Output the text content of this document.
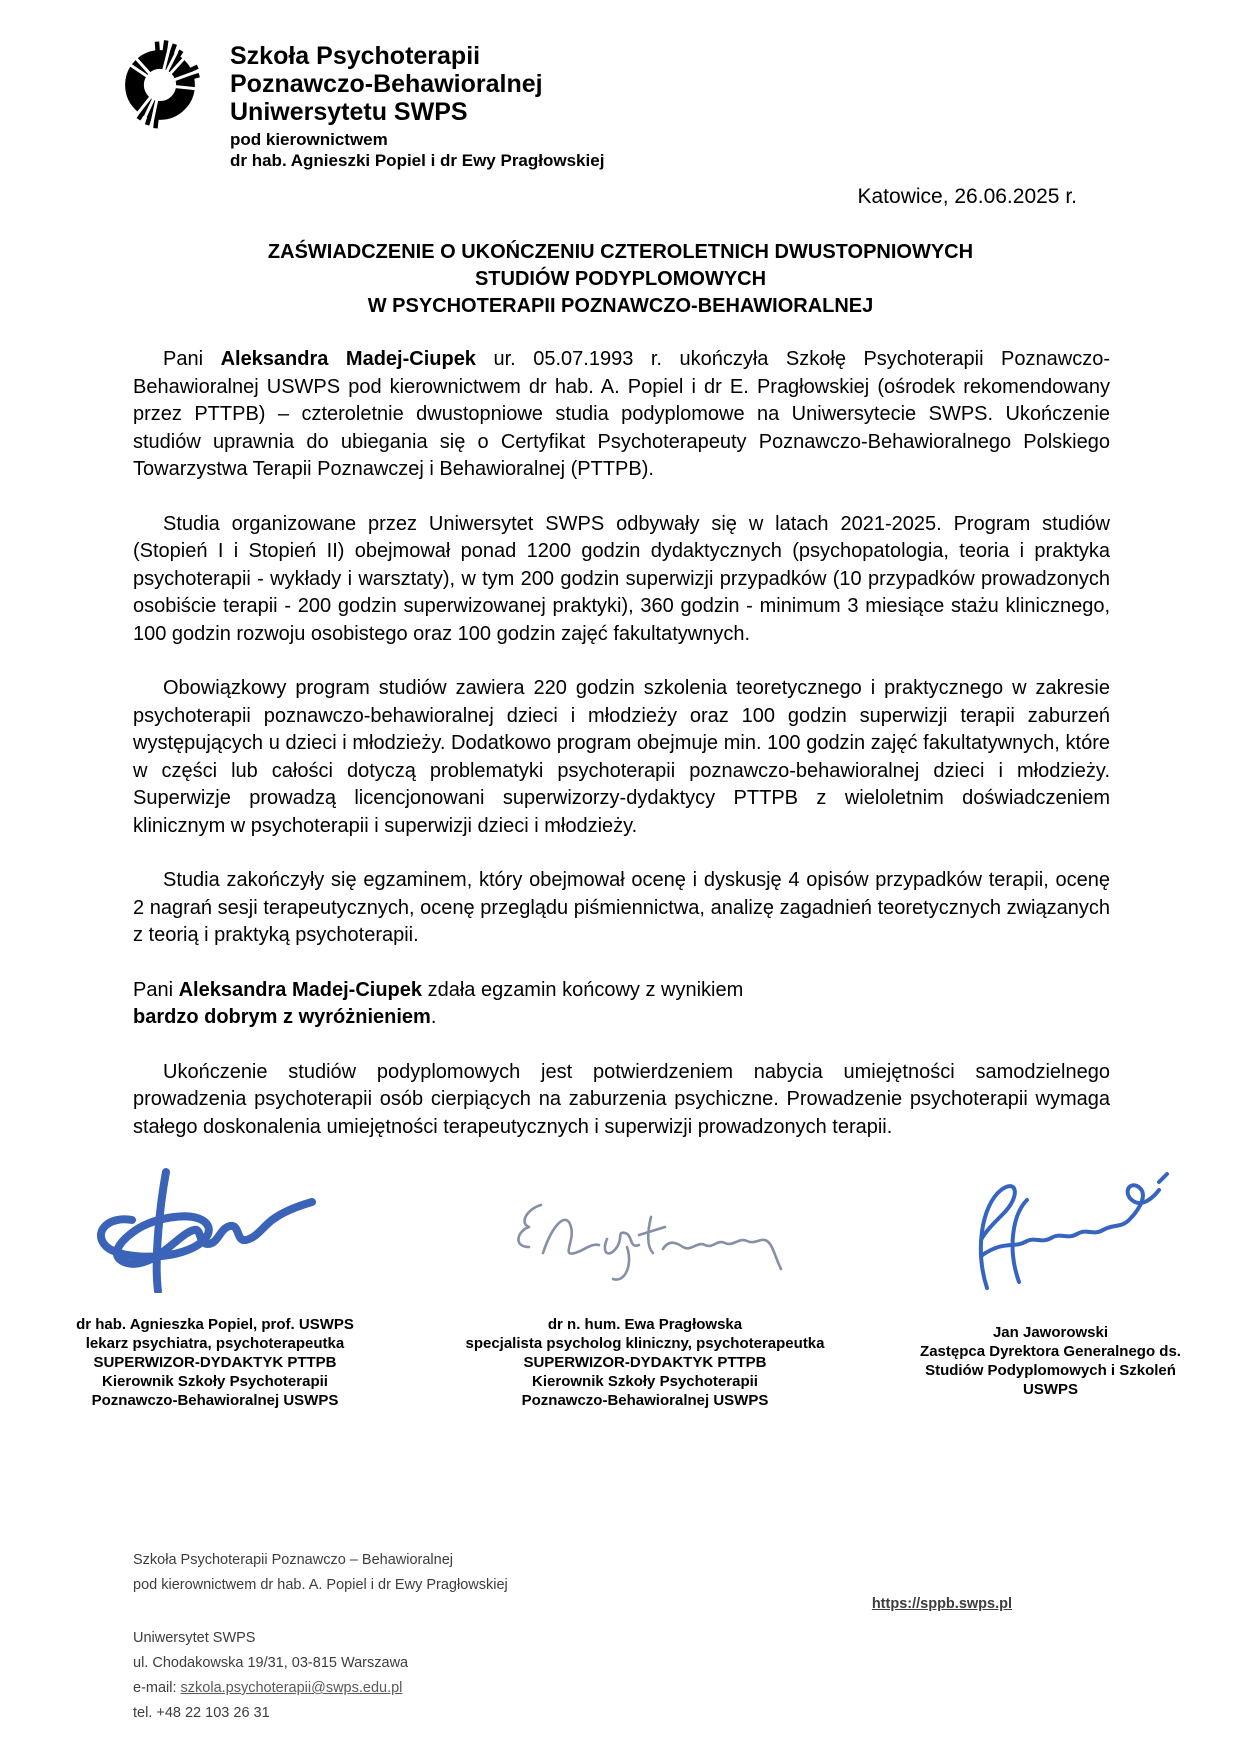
Szkoła Psychoterapii
Poznawczo-Behawioralnej
Uniwersytetu SWPS
pod kierownictwem
dr hab. Agnieszki Popiel i dr Ewy Pragłowskiej
Katowice, 26.06.2025 r.
ZAŚWIADCZENIE O UKOŃCZENIU CZTEROLETNICH DWUSTOPNIOWYCH
STUDIÓW PODYPLOMOWYCH
W PSYCHOTERAPII POZNAWCZO-BEHAWIORALNEJ

Pani Aleksandra Madej-Ciupek ur. 05.07.1993 r. ukończyła Szkołę Psychoterapii Poznawczo-Behawioralnej USWPS pod kierownictwem dr hab. A. Popiel i dr E. Pragłowskiej (ośrodek rekomendowany przez PTTPB) – czteroletnie dwustopniowe studia podyplomowe na Uniwersytecie SWPS. Ukończenie studiów uprawnia do ubiegania się o Certyfikat Psychoterapeuty Poznawczo-Behawioralnego Polskiego Towarzystwa Terapii Poznawczej i Behawioralnej (PTTPB).

Studia organizowane przez Uniwersytet SWPS odbywały się w latach 2021-2025. Program studiów (Stopień I i Stopień II) obejmował ponad 1200 godzin dydaktycznych (psychopatologia, teoria i praktyka psychoterapii - wykłady i warsztaty), w tym 200 godzin superwizji przypadków (10 przypadków prowadzonych osobiście terapii - 200 godzin superwizowanej praktyki), 360 godzin - minimum 3 miesiące stażu klinicznego, 100 godzin rozwoju osobistego oraz 100 godzin zajęć fakultatywnych.

Obowiązkowy program studiów zawiera 220 godzin szkolenia teoretycznego i praktycznego w zakresie psychoterapii poznawczo-behawioralnej dzieci i młodzieży oraz 100 godzin superwizji terapii zaburzeń występujących u dzieci i młodzieży. Dodatkowo program obejmuje min. 100 godzin zajęć fakultatywnych, które w części lub całości dotyczą problematyki psychoterapii poznawczo-behawioralnej dzieci i młodzieży. Superwizje prowadzą licencjonowani superwizorzy-dydaktycy PTTPB z wieloletnim doświadczeniem klinicznym w psychoterapii i superwizji dzieci i młodzieży.

Studia zakończyły się egzaminem, który obejmował ocenę i dyskusję 4 opisów przypadków terapii, ocenę 2 nagrań sesji terapeutycznych, ocenę przeglądu piśmiennictwa, analizę zagadnień teoretycznych związanych z teorią i praktyką psychoterapii.

Pani Aleksandra Madej-Ciupek zdała egzamin końcowy z wynikiem
bardzo dobrym z wyróżnieniem.

Ukończenie studiów podyplomowych jest potwierdzeniem nabycia umiejętności samodzielnego prowadzenia psychoterapii osób cierpiących na zaburzenia psychiczne. Prowadzenie psychoterapii wymaga stałego doskonalenia umiejętności terapeutycznych i superwizji prowadzonych terapii.

dr hab. Agnieszka Popiel, prof. USWPS
lekarz psychiatra, psychoterapeutka
SUPERWIZOR-DYDAKTYK PTTPB
Kierownik Szkoły Psychoterapii
Poznawczo-Behawioralnej USWPS
dr n. hum. Ewa Pragłowska
specjalista psycholog kliniczny, psychoterapeutka
SUPERWIZOR-DYDAKTYK PTTPB
Kierownik Szkoły Psychoterapii
Poznawczo-Behawioralnej USWPS
Jan Jaworowski
Zastępca Dyrektora Generalnego ds.
Studiów Podyplomowych i Szkoleń
USWPS
Szkoła Psychoterapii Poznawczo – Behawioralnej
pod kierownictwem dr hab. A. Popiel i dr Ewy Pragłowskiej
Uniwersytet SWPS
ul. Chodakowska 19/31, 03-815 Warszawa
e-mail: szkola.psychoterapii@swps.edu.pl
tel. +48 22 103 26 31
https://sppb.swps.pl
